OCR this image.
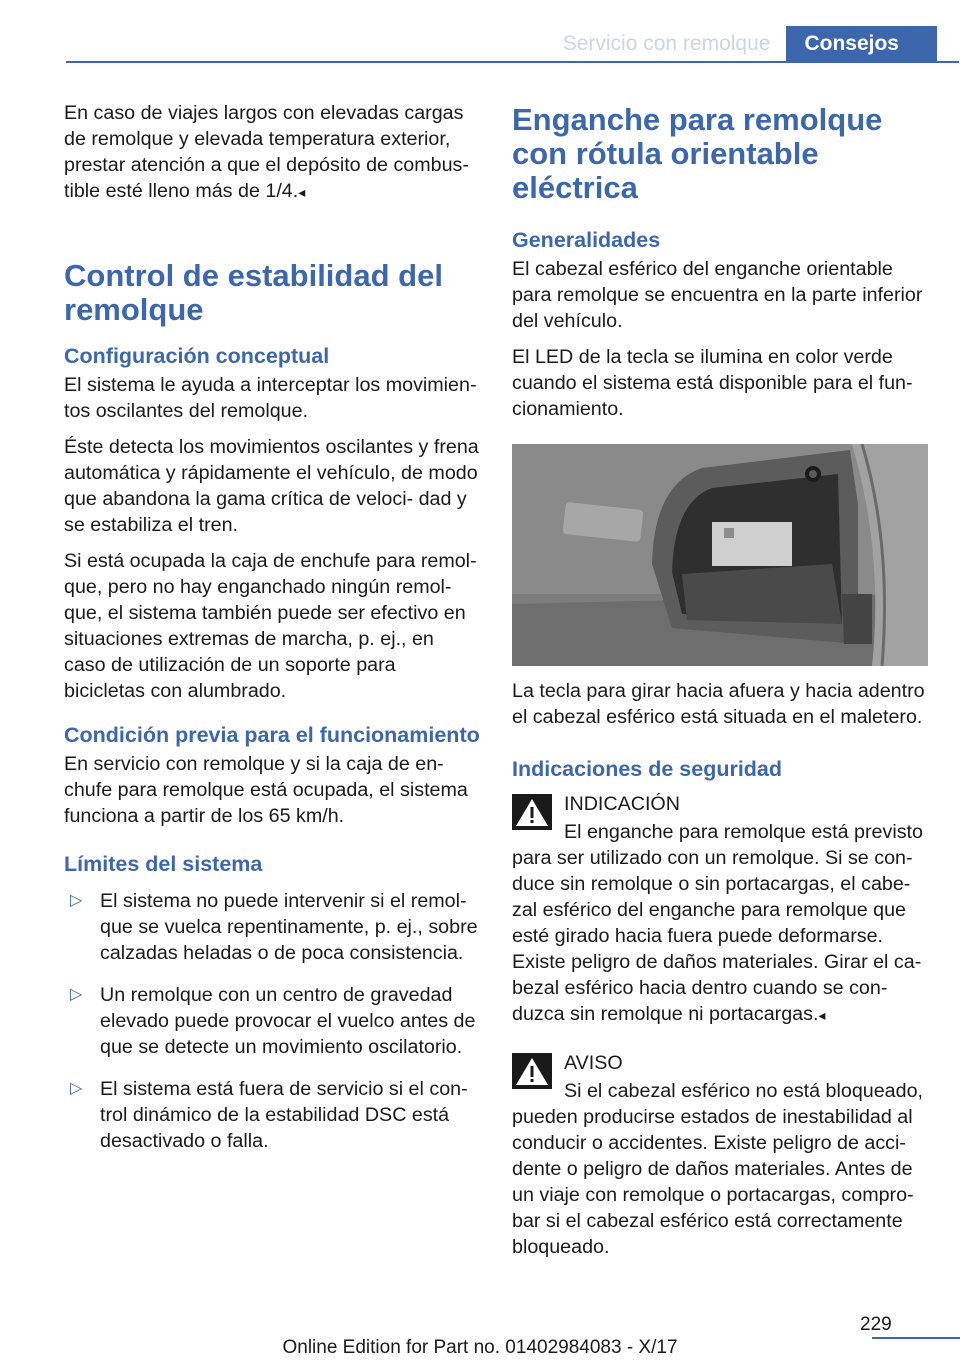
Servicio con remolque	Consejos

En caso de viajes largos con elevadas cargas de remolque y elevada temperatura exterior, prestar atención a que el depósito de combus‐ tible esté lleno más de 1/4.◂

Control de estabilidad del remolque
Configuración conceptual

El sistema le ayuda a interceptar los movimien‐ tos oscilantes del remolque.

Éste detecta los movimientos oscilantes y frena automática y rápidamente el vehículo, de modo que abandona la gama crítica de veloci‐ dad y se estabiliza el tren.

Si está ocupada la caja de enchufe para remol‐ que, pero no hay enganchado ningún remol‐ que, el sistema también puede ser efectivo en situaciones extremas de marcha, p. ej., en caso de utilización de un soporte para bicicletas con alumbrado.

Condición previa para el funcionamiento

En servicio con remolque y si la caja de en‐ chufe para remolque está ocupada, el sistema funciona a partir de los 65 km/h.

Límites del sistema
▷ El sistema no puede intervenir si el remol‐ que se vuelca repentinamente, p. ej., sobre calzadas heladas o de poca consistencia.
▷ Un remolque con un centro de gravedad elevado puede provocar el vuelco antes de que se detecte un movimiento oscilatorio.
▷ El sistema está fuera de servicio si el con‐ trol dinámico de la estabilidad DSC está desactivado o falla.
Enganche para remolque con rótula orientable eléctrica
Generalidades

El cabezal esférico del enganche orientable para remolque se encuentra en la parte inferior del vehículo.

El LED de la tecla se ilumina en color verde cuando el sistema está disponible para el fun‐ cionamiento.

La tecla para girar hacia afuera y hacia adentro el cabezal esférico está situada en el maletero.

Indicaciones de seguridad
INDICACIÓN
El enganche para remolque está previsto
para ser utilizado con un remolque. Si se con‐ duce sin remolque o sin portacargas, el cabe‐ zal esférico del enganche para remolque que esté girado hacia fuera puede deformarse. Existe peligro de daños materiales. Girar el ca‐ bezal esférico hacia dentro cuando se con‐ duzca sin remolque ni portacargas.◂
AVISO
Si el cabezal esférico no está bloqueado,
pueden producirse estados de inestabilidad al conducir o accidentes. Existe peligro de acci‐ dente o peligro de daños materiales. Antes de un viaje con remolque o portacargas, compro‐ bar si el cabezal esférico está correctamente bloqueado.
229
Online Edition for Part no. 01402984083 - X/17
